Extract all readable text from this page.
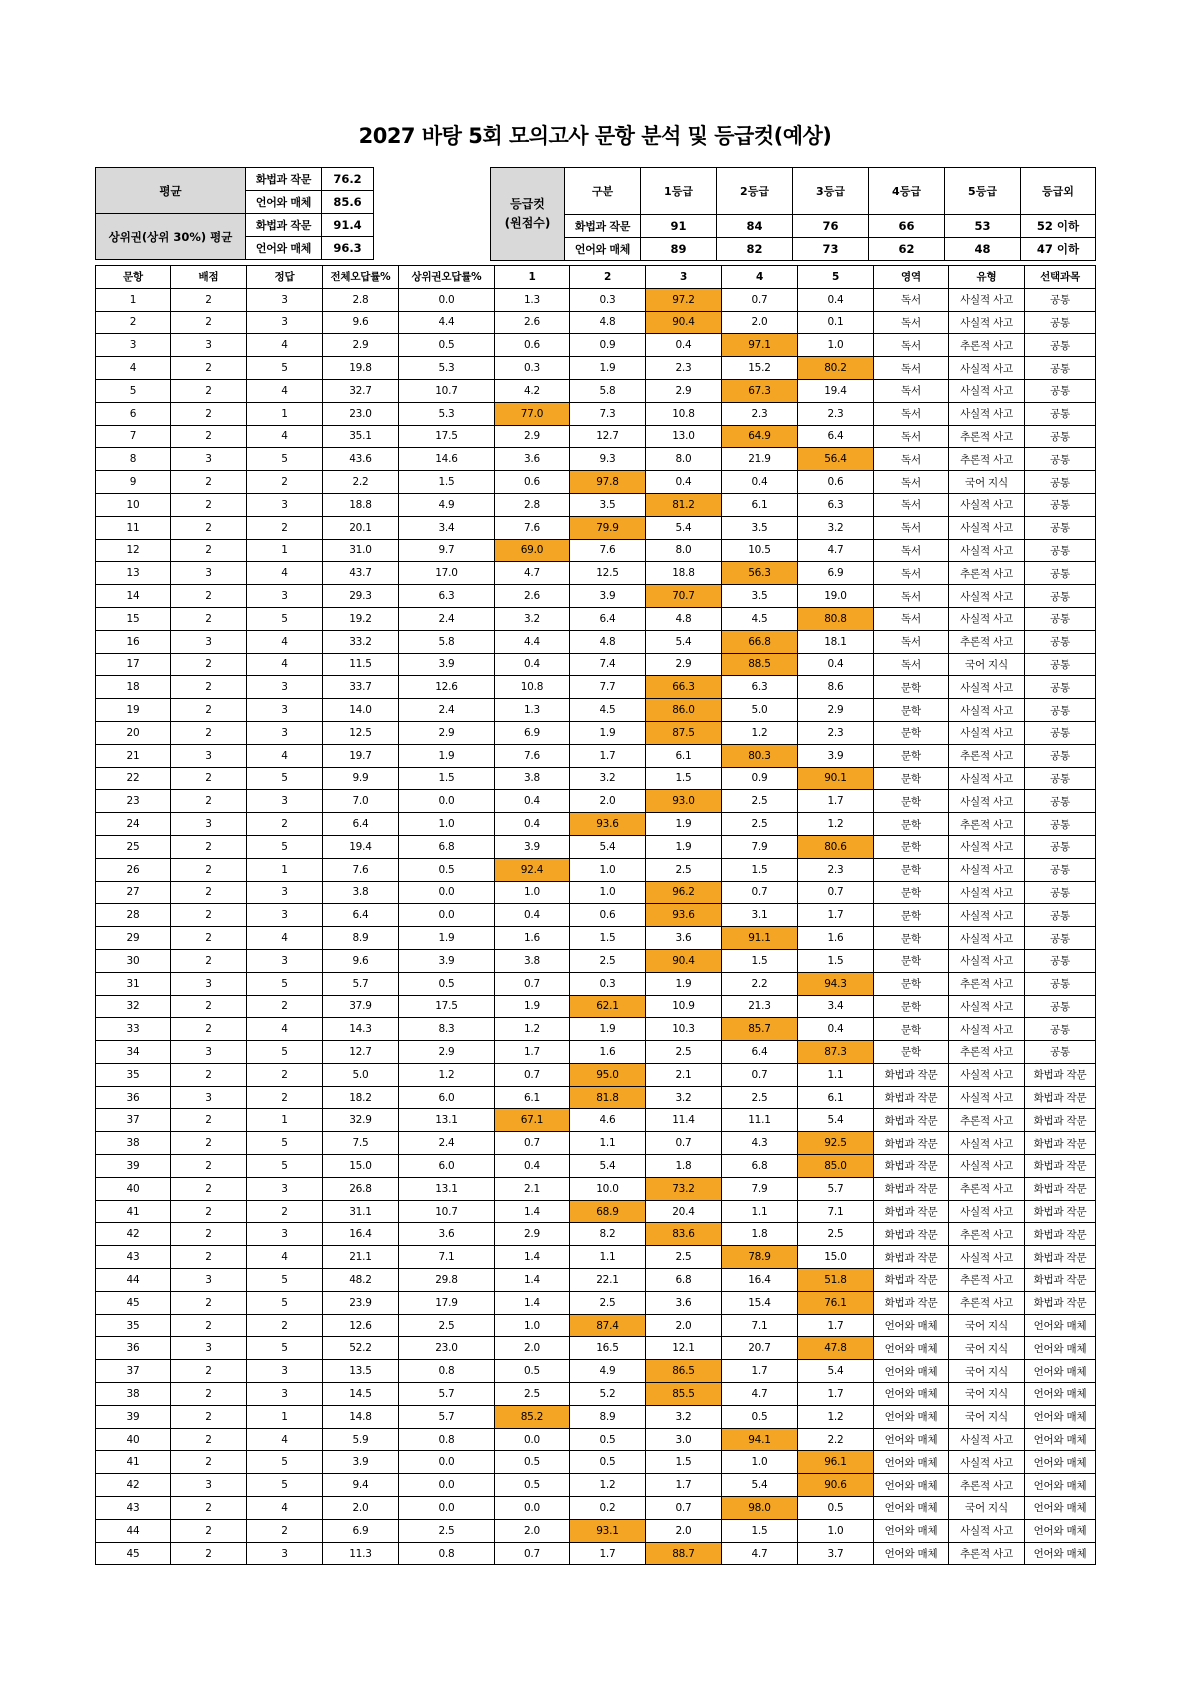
2027 바탕 5회 모의고사 문항 분석 및 등급컷(예상)
평균	화법과 작문	76.2
	언어와 매체	85.6
상위권(상위 30%) 평균	화법과 작문	91.4
	언어와 매체	96.3
등급컷
(원점수)	구분	1등급	2등급	3등급	4등급	5등급	등급외
	화법과 작문	91	84	76	66	53	52 이하
	언어와 매체	89	82	73	62	48	47 이하
문항	배점	정답	전체오답률%	상위권오답률%	1	2	3	4	5	영역	유형	선택과목
1	2	3	2.8	0.0	1.3	0.3	97.2	0.7	0.4	독서	사실적 사고	공통
2	2	3	9.6	4.4	2.6	4.8	90.4	2.0	0.1	독서	사실적 사고	공통
3	3	4	2.9	0.5	0.6	0.9	0.4	97.1	1.0	독서	추론적 사고	공통
4	2	5	19.8	5.3	0.3	1.9	2.3	15.2	80.2	독서	사실적 사고	공통
5	2	4	32.7	10.7	4.2	5.8	2.9	67.3	19.4	독서	사실적 사고	공통
6	2	1	23.0	5.3	77.0	7.3	10.8	2.3	2.3	독서	사실적 사고	공통
7	2	4	35.1	17.5	2.9	12.7	13.0	64.9	6.4	독서	추론적 사고	공통
8	3	5	43.6	14.6	3.6	9.3	8.0	21.9	56.4	독서	추론적 사고	공통
9	2	2	2.2	1.5	0.6	97.8	0.4	0.4	0.6	독서	국어 지식	공통
10	2	3	18.8	4.9	2.8	3.5	81.2	6.1	6.3	독서	사실적 사고	공통
11	2	2	20.1	3.4	7.6	79.9	5.4	3.5	3.2	독서	사실적 사고	공통
12	2	1	31.0	9.7	69.0	7.6	8.0	10.5	4.7	독서	사실적 사고	공통
13	3	4	43.7	17.0	4.7	12.5	18.8	56.3	6.9	독서	추론적 사고	공통
14	2	3	29.3	6.3	2.6	3.9	70.7	3.5	19.0	독서	사실적 사고	공통
15	2	5	19.2	2.4	3.2	6.4	4.8	4.5	80.8	독서	사실적 사고	공통
16	3	4	33.2	5.8	4.4	4.8	5.4	66.8	18.1	독서	추론적 사고	공통
17	2	4	11.5	3.9	0.4	7.4	2.9	88.5	0.4	독서	국어 지식	공통
18	2	3	33.7	12.6	10.8	7.7	66.3	6.3	8.6	문학	사실적 사고	공통
19	2	3	14.0	2.4	1.3	4.5	86.0	5.0	2.9	문학	사실적 사고	공통
20	2	3	12.5	2.9	6.9	1.9	87.5	1.2	2.3	문학	사실적 사고	공통
21	3	4	19.7	1.9	7.6	1.7	6.1	80.3	3.9	문학	추론적 사고	공통
22	2	5	9.9	1.5	3.8	3.2	1.5	0.9	90.1	문학	사실적 사고	공통
23	2	3	7.0	0.0	0.4	2.0	93.0	2.5	1.7	문학	사실적 사고	공통
24	3	2	6.4	1.0	0.4	93.6	1.9	2.5	1.2	문학	추론적 사고	공통
25	2	5	19.4	6.8	3.9	5.4	1.9	7.9	80.6	문학	사실적 사고	공통
26	2	1	7.6	0.5	92.4	1.0	2.5	1.5	2.3	문학	사실적 사고	공통
27	2	3	3.8	0.0	1.0	1.0	96.2	0.7	0.7	문학	사실적 사고	공통
28	2	3	6.4	0.0	0.4	0.6	93.6	3.1	1.7	문학	사실적 사고	공통
29	2	4	8.9	1.9	1.6	1.5	3.6	91.1	1.6	문학	사실적 사고	공통
30	2	3	9.6	3.9	3.8	2.5	90.4	1.5	1.5	문학	사실적 사고	공통
31	3	5	5.7	0.5	0.7	0.3	1.9	2.2	94.3	문학	추론적 사고	공통
32	2	2	37.9	17.5	1.9	62.1	10.9	21.3	3.4	문학	사실적 사고	공통
33	2	4	14.3	8.3	1.2	1.9	10.3	85.7	0.4	문학	사실적 사고	공통
34	3	5	12.7	2.9	1.7	1.6	2.5	6.4	87.3	문학	추론적 사고	공통
35	2	2	5.0	1.2	0.7	95.0	2.1	0.7	1.1	화법과 작문	사실적 사고	화법과 작문
36	3	2	18.2	6.0	6.1	81.8	3.2	2.5	6.1	화법과 작문	사실적 사고	화법과 작문
37	2	1	32.9	13.1	67.1	4.6	11.4	11.1	5.4	화법과 작문	추론적 사고	화법과 작문
38	2	5	7.5	2.4	0.7	1.1	0.7	4.3	92.5	화법과 작문	사실적 사고	화법과 작문
39	2	5	15.0	6.0	0.4	5.4	1.8	6.8	85.0	화법과 작문	사실적 사고	화법과 작문
40	2	3	26.8	13.1	2.1	10.0	73.2	7.9	5.7	화법과 작문	추론적 사고	화법과 작문
41	2	2	31.1	10.7	1.4	68.9	20.4	1.1	7.1	화법과 작문	사실적 사고	화법과 작문
42	2	3	16.4	3.6	2.9	8.2	83.6	1.8	2.5	화법과 작문	추론적 사고	화법과 작문
43	2	4	21.1	7.1	1.4	1.1	2.5	78.9	15.0	화법과 작문	사실적 사고	화법과 작문
44	3	5	48.2	29.8	1.4	22.1	6.8	16.4	51.8	화법과 작문	추론적 사고	화법과 작문
45	2	5	23.9	17.9	1.4	2.5	3.6	15.4	76.1	화법과 작문	추론적 사고	화법과 작문
35	2	2	12.6	2.5	1.0	87.4	2.0	7.1	1.7	언어와 매체	국어 지식	언어와 매체
36	3	5	52.2	23.0	2.0	16.5	12.1	20.7	47.8	언어와 매체	국어 지식	언어와 매체
37	2	3	13.5	0.8	0.5	4.9	86.5	1.7	5.4	언어와 매체	국어 지식	언어와 매체
38	2	3	14.5	5.7	2.5	5.2	85.5	4.7	1.7	언어와 매체	국어 지식	언어와 매체
39	2	1	14.8	5.7	85.2	8.9	3.2	0.5	1.2	언어와 매체	국어 지식	언어와 매체
40	2	4	5.9	0.8	0.0	0.5	3.0	94.1	2.2	언어와 매체	사실적 사고	언어와 매체
41	2	5	3.9	0.0	0.5	0.5	1.5	1.0	96.1	언어와 매체	사실적 사고	언어와 매체
42	3	5	9.4	0.0	0.5	1.2	1.7	5.4	90.6	언어와 매체	추론적 사고	언어와 매체
43	2	4	2.0	0.0	0.0	0.2	0.7	98.0	0.5	언어와 매체	국어 지식	언어와 매체
44	2	2	6.9	2.5	2.0	93.1	2.0	1.5	1.0	언어와 매체	사실적 사고	언어와 매체
45	2	3	11.3	0.8	0.7	1.7	88.7	4.7	3.7	언어와 매체	추론적 사고	언어와 매체
